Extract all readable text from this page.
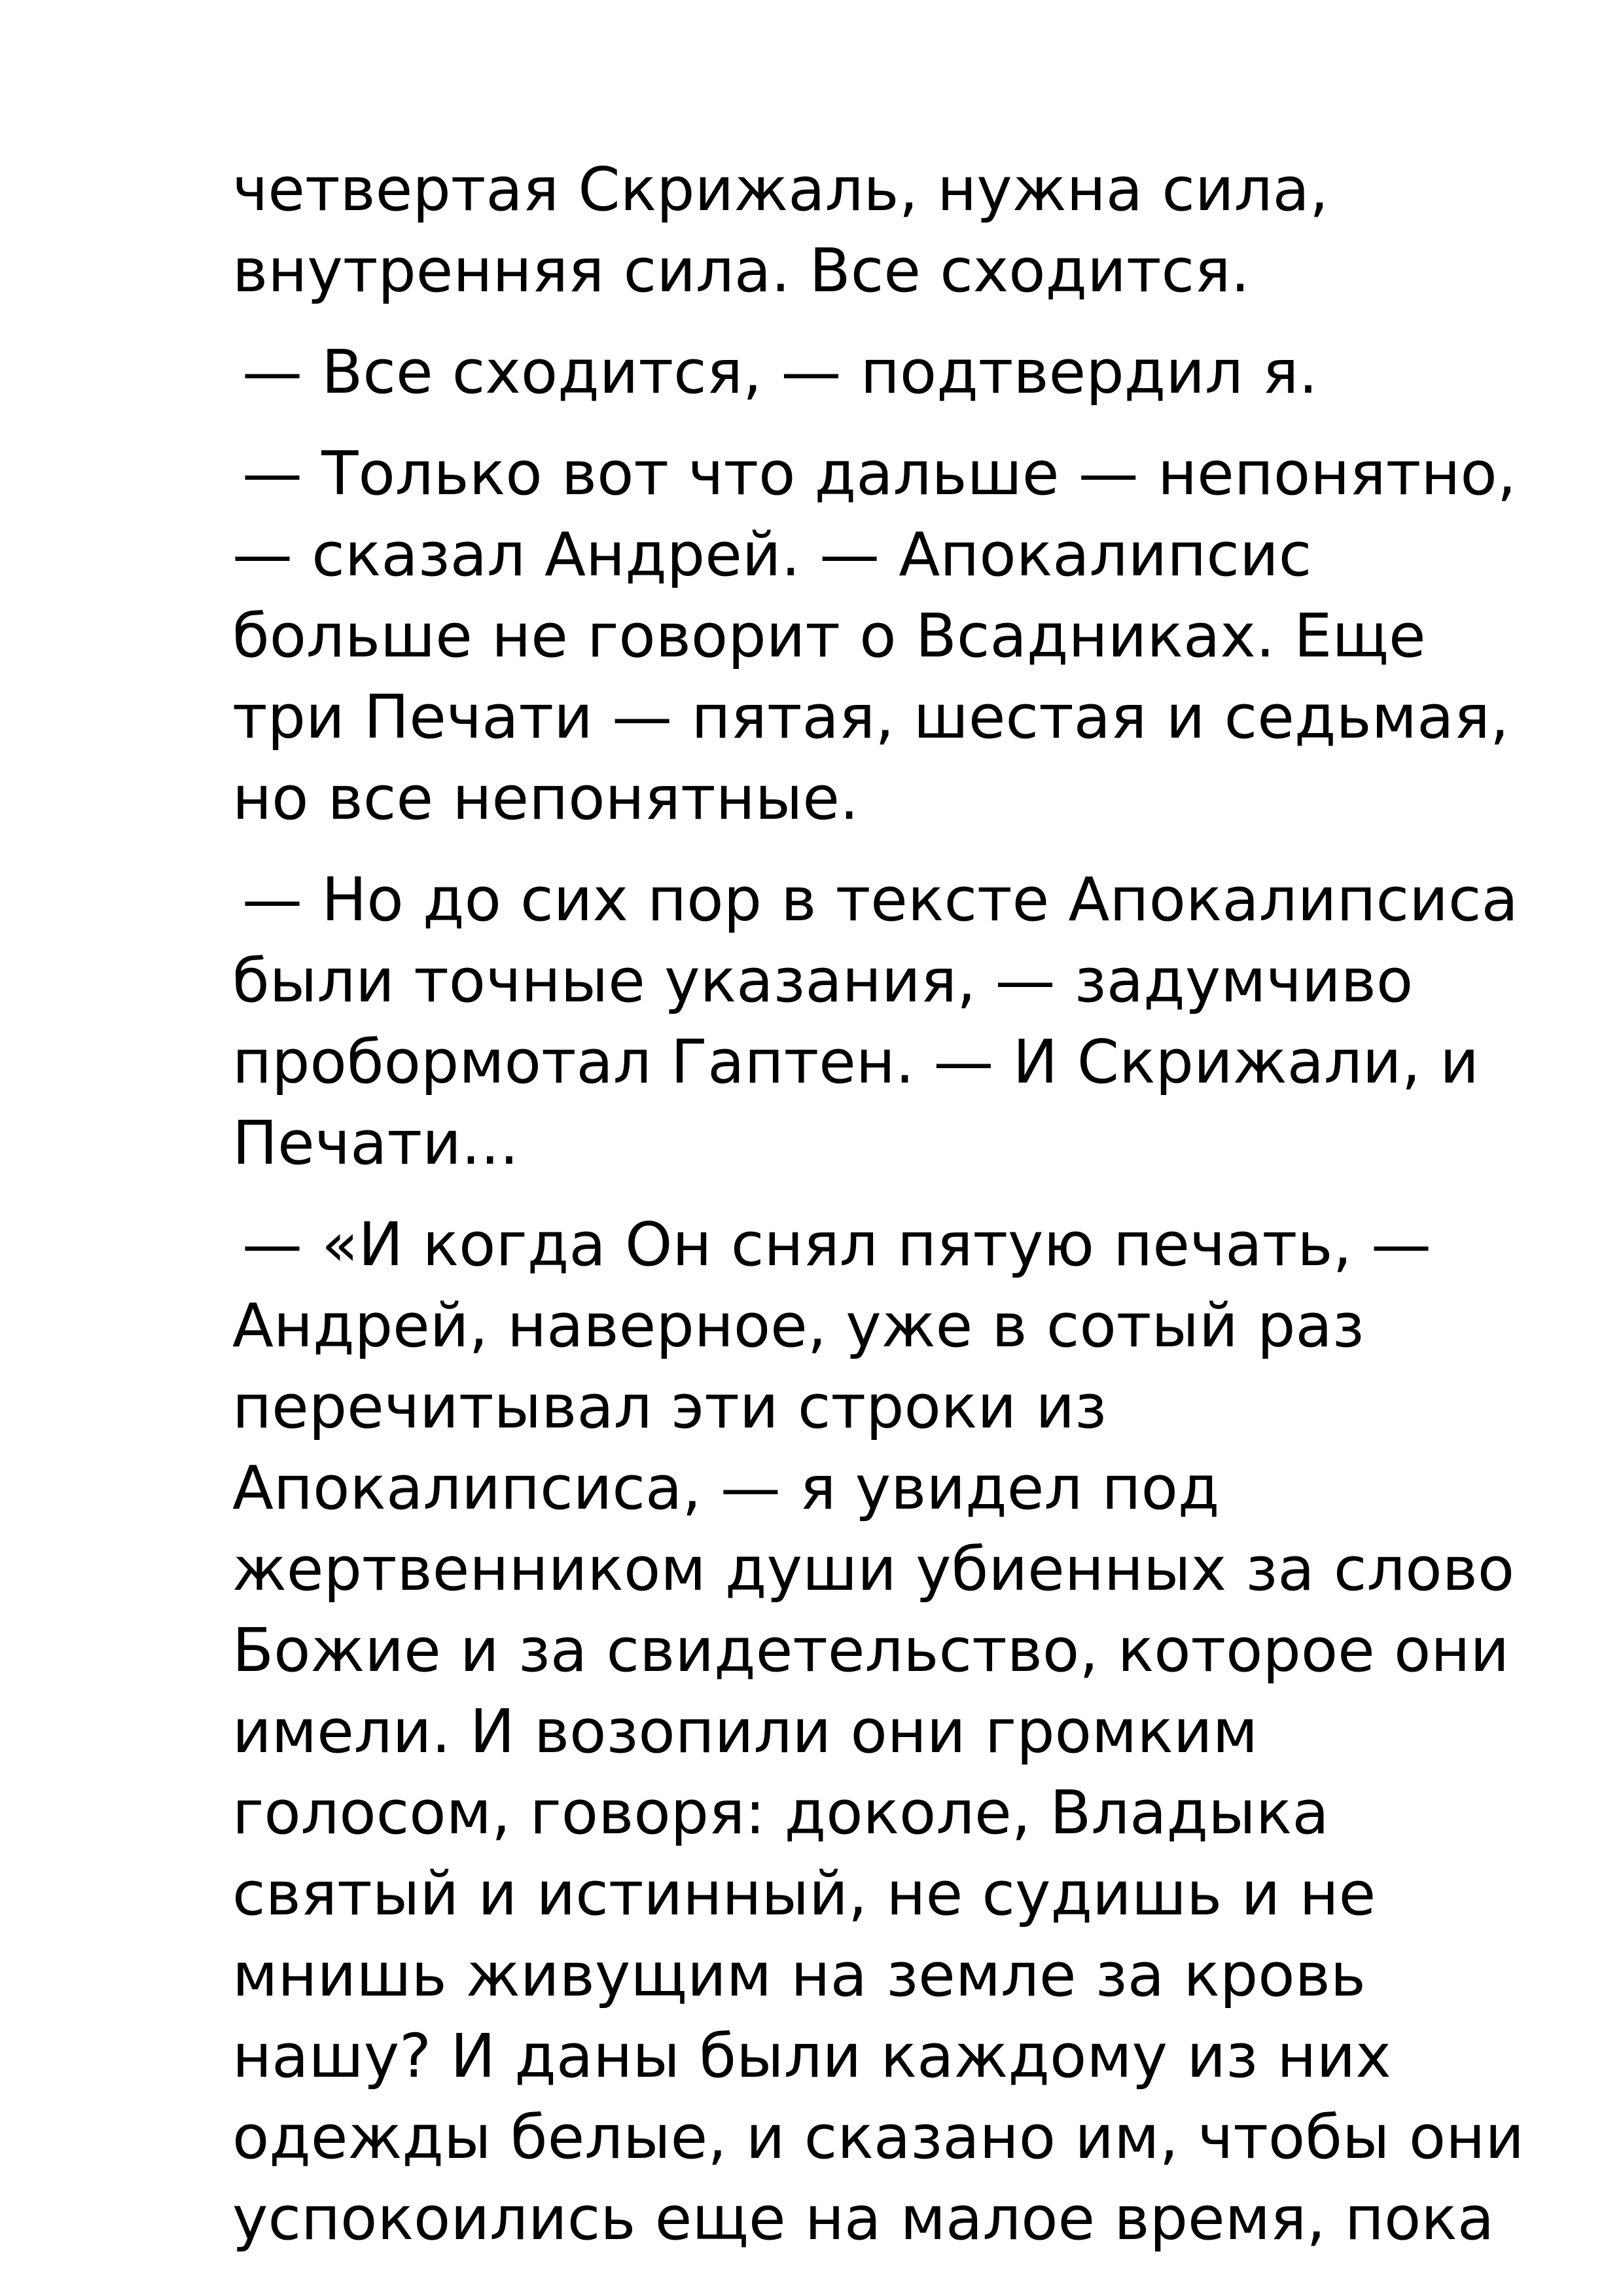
четвертая Скрижаль, нужна сила,
внутренняя сила. Все сходится.

— Все сходится, — подтвердил я.

— Только вот что дальше — непонятно,
— сказал Андрей. — Апокалипсис
больше не говорит о Всадниках. Еще
три Печати — пятая, шестая и седьмая,
но все непонятные.

— Но до сих пор в тексте Апокалипсиса
были точные указания, — задумчиво
пробормотал Гаптен. — И Скрижали, и
Печати...

— «И когда Он снял пятую печать, —
Андрей, наверное, уже в сотый раз
перечитывал эти строки из
Апокалипсиса, — я увидел под
жертвенником души убиенных за слово
Божие и за свидетельство, которое они
имели. И возопили они громким
голосом, говоря: доколе, Владыка
святый и истинный, не судишь и не
мнишь живущим на земле за кровь
нашу? И даны были каждому из них
одежды белые, и сказано им, чтобы они
успокоились еще на малое время, пока
